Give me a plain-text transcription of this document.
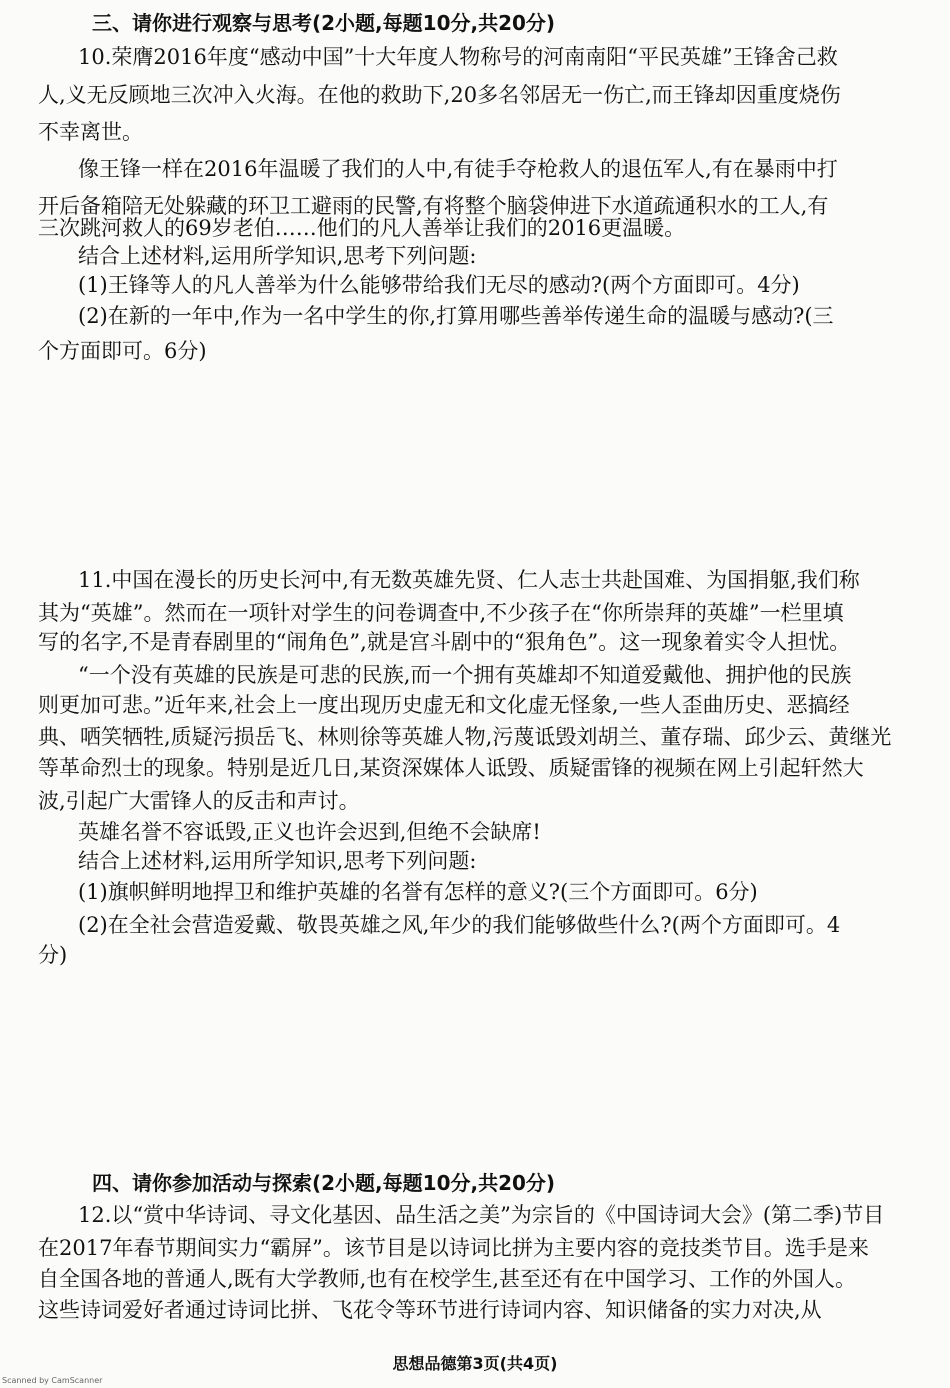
三、请你进行观察与思考(2小题,每题10分,共20分)
10.荣膺2016年度“感动中国”十大年度人物称号的河南南阳“平民英雄”王锋舍己救
人,义无反顾地三次冲入火海。在他的救助下,20多名邻居无一伤亡,而王锋却因重度烧伤
不幸离世。
像王锋一样在2016年温暖了我们的人中,有徒手夺枪救人的退伍军人,有在暴雨中打
开后备箱陪无处躲藏的环卫工避雨的民警,有将整个脑袋伸进下水道疏通积水的工人,有
三次跳河救人的69岁老伯……他们的凡人善举让我们的2016更温暖。
结合上述材料,运用所学知识,思考下列问题:
(1)王锋等人的凡人善举为什么能够带给我们无尽的感动?(两个方面即可。4分)
(2)在新的一年中,作为一名中学生的你,打算用哪些善举传递生命的温暖与感动?(三
个方面即可。6分)
11.中国在漫长的历史长河中,有无数英雄先贤、仁人志士共赴国难、为国捐躯,我们称
其为“英雄”。然而在一项针对学生的问卷调查中,不少孩子在“你所崇拜的英雄”一栏里填
写的名字,不是青春剧里的“闹角色”,就是宫斗剧中的“狠角色”。这一现象着实令人担忧。
“一个没有英雄的民族是可悲的民族,而一个拥有英雄却不知道爱戴他、拥护他的民族
则更加可悲。”近年来,社会上一度出现历史虚无和文化虚无怪象,一些人歪曲历史、恶搞经
典、哂笑牺牲,质疑污损岳飞、林则徐等英雄人物,污蔑诋毁刘胡兰、董存瑞、邱少云、黄继光
等革命烈士的现象。特别是近几日,某资深媒体人诋毁、质疑雷锋的视频在网上引起轩然大
波,引起广大雷锋人的反击和声讨。
英雄名誉不容诋毁,正义也许会迟到,但绝不会缺席!
结合上述材料,运用所学知识,思考下列问题:
(1)旗帜鲜明地捍卫和维护英雄的名誉有怎样的意义?(三个方面即可。6分)
(2)在全社会营造爱戴、敬畏英雄之风,年少的我们能够做些什么?(两个方面即可。4
分)
四、请你参加活动与探索(2小题,每题10分,共20分)
12.以“赏中华诗词、寻文化基因、品生活之美”为宗旨的《中国诗词大会》(第二季)节目
在2017年春节期间实力“霸屏”。该节目是以诗词比拼为主要内容的竞技类节目。选手是来
自全国各地的普通人,既有大学教师,也有在校学生,甚至还有在中国学习、工作的外国人。
这些诗词爱好者通过诗词比拼、飞花令等环节进行诗词内容、知识储备的实力对决,从
思想品德第3页(共4页)
Scanned by CamScanner
